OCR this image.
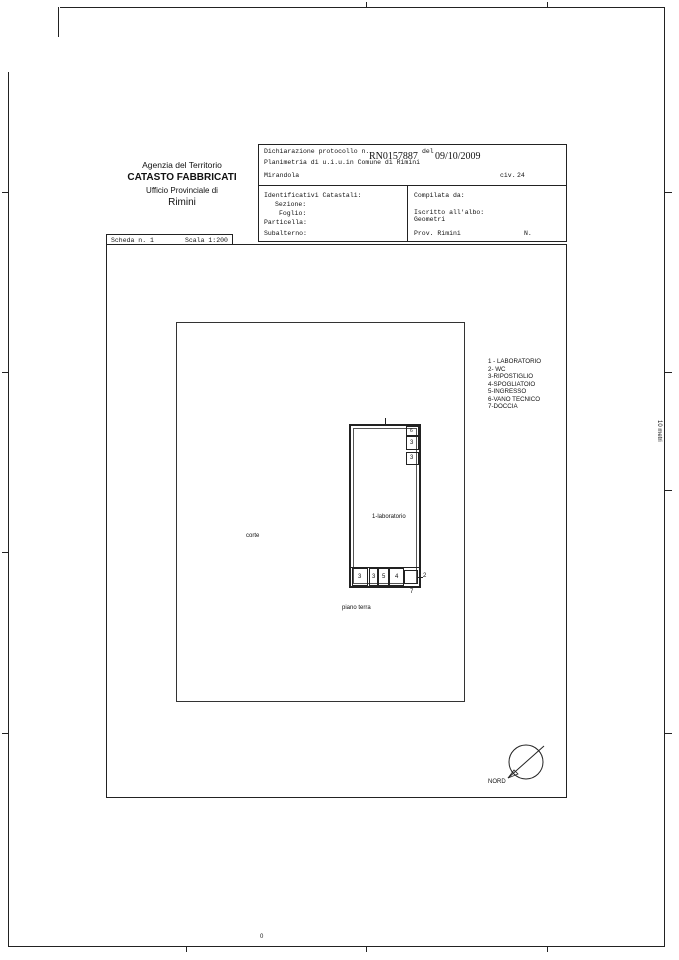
10 metri
0
Agenzia del Territorio
CATASTO FABBRICATI
Ufficio Provinciale di
Rimini
Dichiarazione protocollo n. RN0157887 del 09/10/2009
Planimetria di u.i.u.in Comune di Rimini
Mirandola	civ. 24
Identificativi Catastali:
Sezione:
Foglio:
Particella:
Subalterno:
Compilata da:
Iscritto all'albo:
Geometri
Prov. Rimini	N.
Scheda n. 1	Scala 1:200
corte
1 - LABORATORIO
2- WC
3-RIPOSTIGLIO
4-SPOGLIATOIO
5-INGRESSO
6-VANO TECNICO
7-DOCCIA
6
3
3
1-laboratorio
3 3 5 4	2
7
piano terra
NORD
